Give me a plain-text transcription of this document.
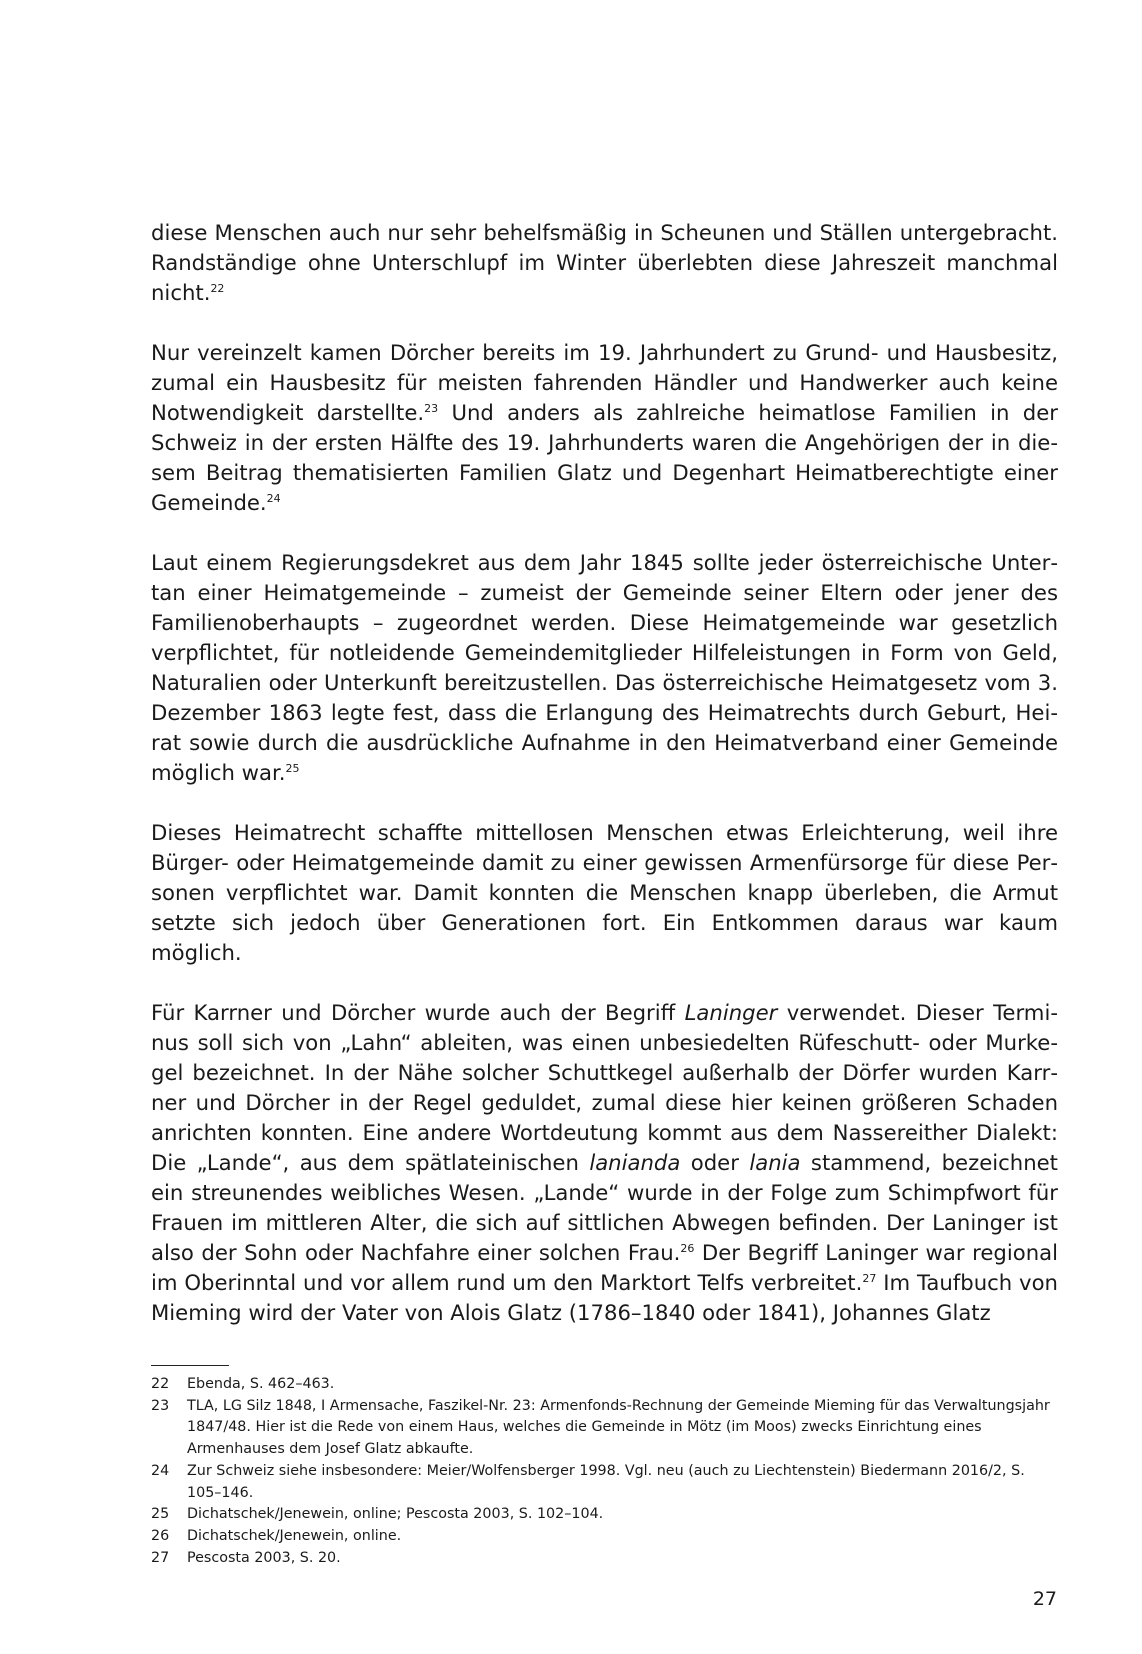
diese Menschen auch nur sehr behelfsmäßig in Scheunen und Ställen untergebracht. Randständige ohne Unterschlupf im Winter überlebten diese Jahreszeit manchmal nicht.$^{22}$

Nur vereinzelt kamen Dörcher bereits im 19. Jahrhundert zu Grund- und Hausbesitz, zumal ein Hausbesitz für meisten fahrenden Händler und Handwerker auch keine Notwendigkeit darstellte.$^{23}$ Und anders als zahlreiche heimatlose Familien in der Schweiz in der ersten Hälfte des 19. Jahrhunderts waren die Angehörigen der in diesem Beitrag thematisierten Familien Glatz und Degenhart Heimatberechtigte einer Gemeinde.$^{24}$

Laut einem Regierungsdekret aus dem Jahr 1845 sollte jeder österreichische Untertan einer Heimatgemeinde – zumeist der Gemeinde seiner Eltern oder jener des Familienoberhaupts – zugeordnet werden. Diese Heimatgemeinde war gesetzlich verpflichtet, für notleidende Gemeindemitglieder Hilfeleistungen in Form von Geld, Naturalien oder Unterkunft bereitzustellen. Das österreichische Heimatgesetz vom 3. Dezember 1863 legte fest, dass die Erlangung des Heimatrechts durch Geburt, Heirat sowie durch die ausdrückliche Aufnahme in den Heimatverband einer Gemeinde möglich war.$^{25}$

Dieses Heimatrecht schaffte mittellosen Menschen etwas Erleichterung, weil ihre Bürger- oder Heimatgemeinde damit zu einer gewissen Armenfürsorge für diese Personen verpflichtet war. Damit konnten die Menschen knapp überleben, die Armut setzte sich jedoch über Generationen fort. Ein Entkommen daraus war kaum möglich.

Für Karrner und Dörcher wurde auch der Begriff Laninger verwendet. Dieser Terminus soll sich von „Lahn“ ableiten, was einen unbesiedelten Rüfeschutt- oder Murkegel bezeichnet. In der Nähe solcher Schuttkegel außerhalb der Dörfer wurden Karrner und Dörcher in der Regel geduldet, zumal diese hier keinen größeren Schaden anrichten konnten. Eine andere Wortdeutung kommt aus dem Nassereither Dialekt: Die „Lande“, aus dem spätlateinischen lanianda oder lania stammend, bezeichnet ein streunendes weibliches Wesen. „Lande“ wurde in der Folge zum Schimpfwort für Frauen im mittleren Alter, die sich auf sittlichen Abwegen befinden. Der Laninger ist also der Sohn oder Nachfahre einer solchen Frau.$^{26}$ Der Begriff Laninger war regional im Oberinntal und vor allem rund um den Marktort Telfs verbreitet.$^{27}$ Im Taufbuch von Mieming wird der Vater von Alois Glatz (1786–1840 oder 1841), Johannes Glatz

22	Ebenda, S. 462–463.
23	TLA, LG Silz 1848, I Armensache, Faszikel-Nr. 23: Armenfonds-Rechnung der Gemeinde Mieming für das Verwaltungsjahr 1847/48. Hier ist die Rede von einem Haus, welches die Gemeinde in Mötz (im Moos) zwecks Einrichtung eines Armenhauses dem Josef Glatz abkaufte.
24	Zur Schweiz siehe insbesondere: Meier/Wolfensberger 1998. Vgl. neu (auch zu Liechtenstein) Biedermann 2016/2, S. 105–146.
25	Dichatschek/Jenewein, online; Pescosta 2003, S. 102–104.
26	Dichatschek/Jenewein, online.
27	Pescosta 2003, S. 20.
27
